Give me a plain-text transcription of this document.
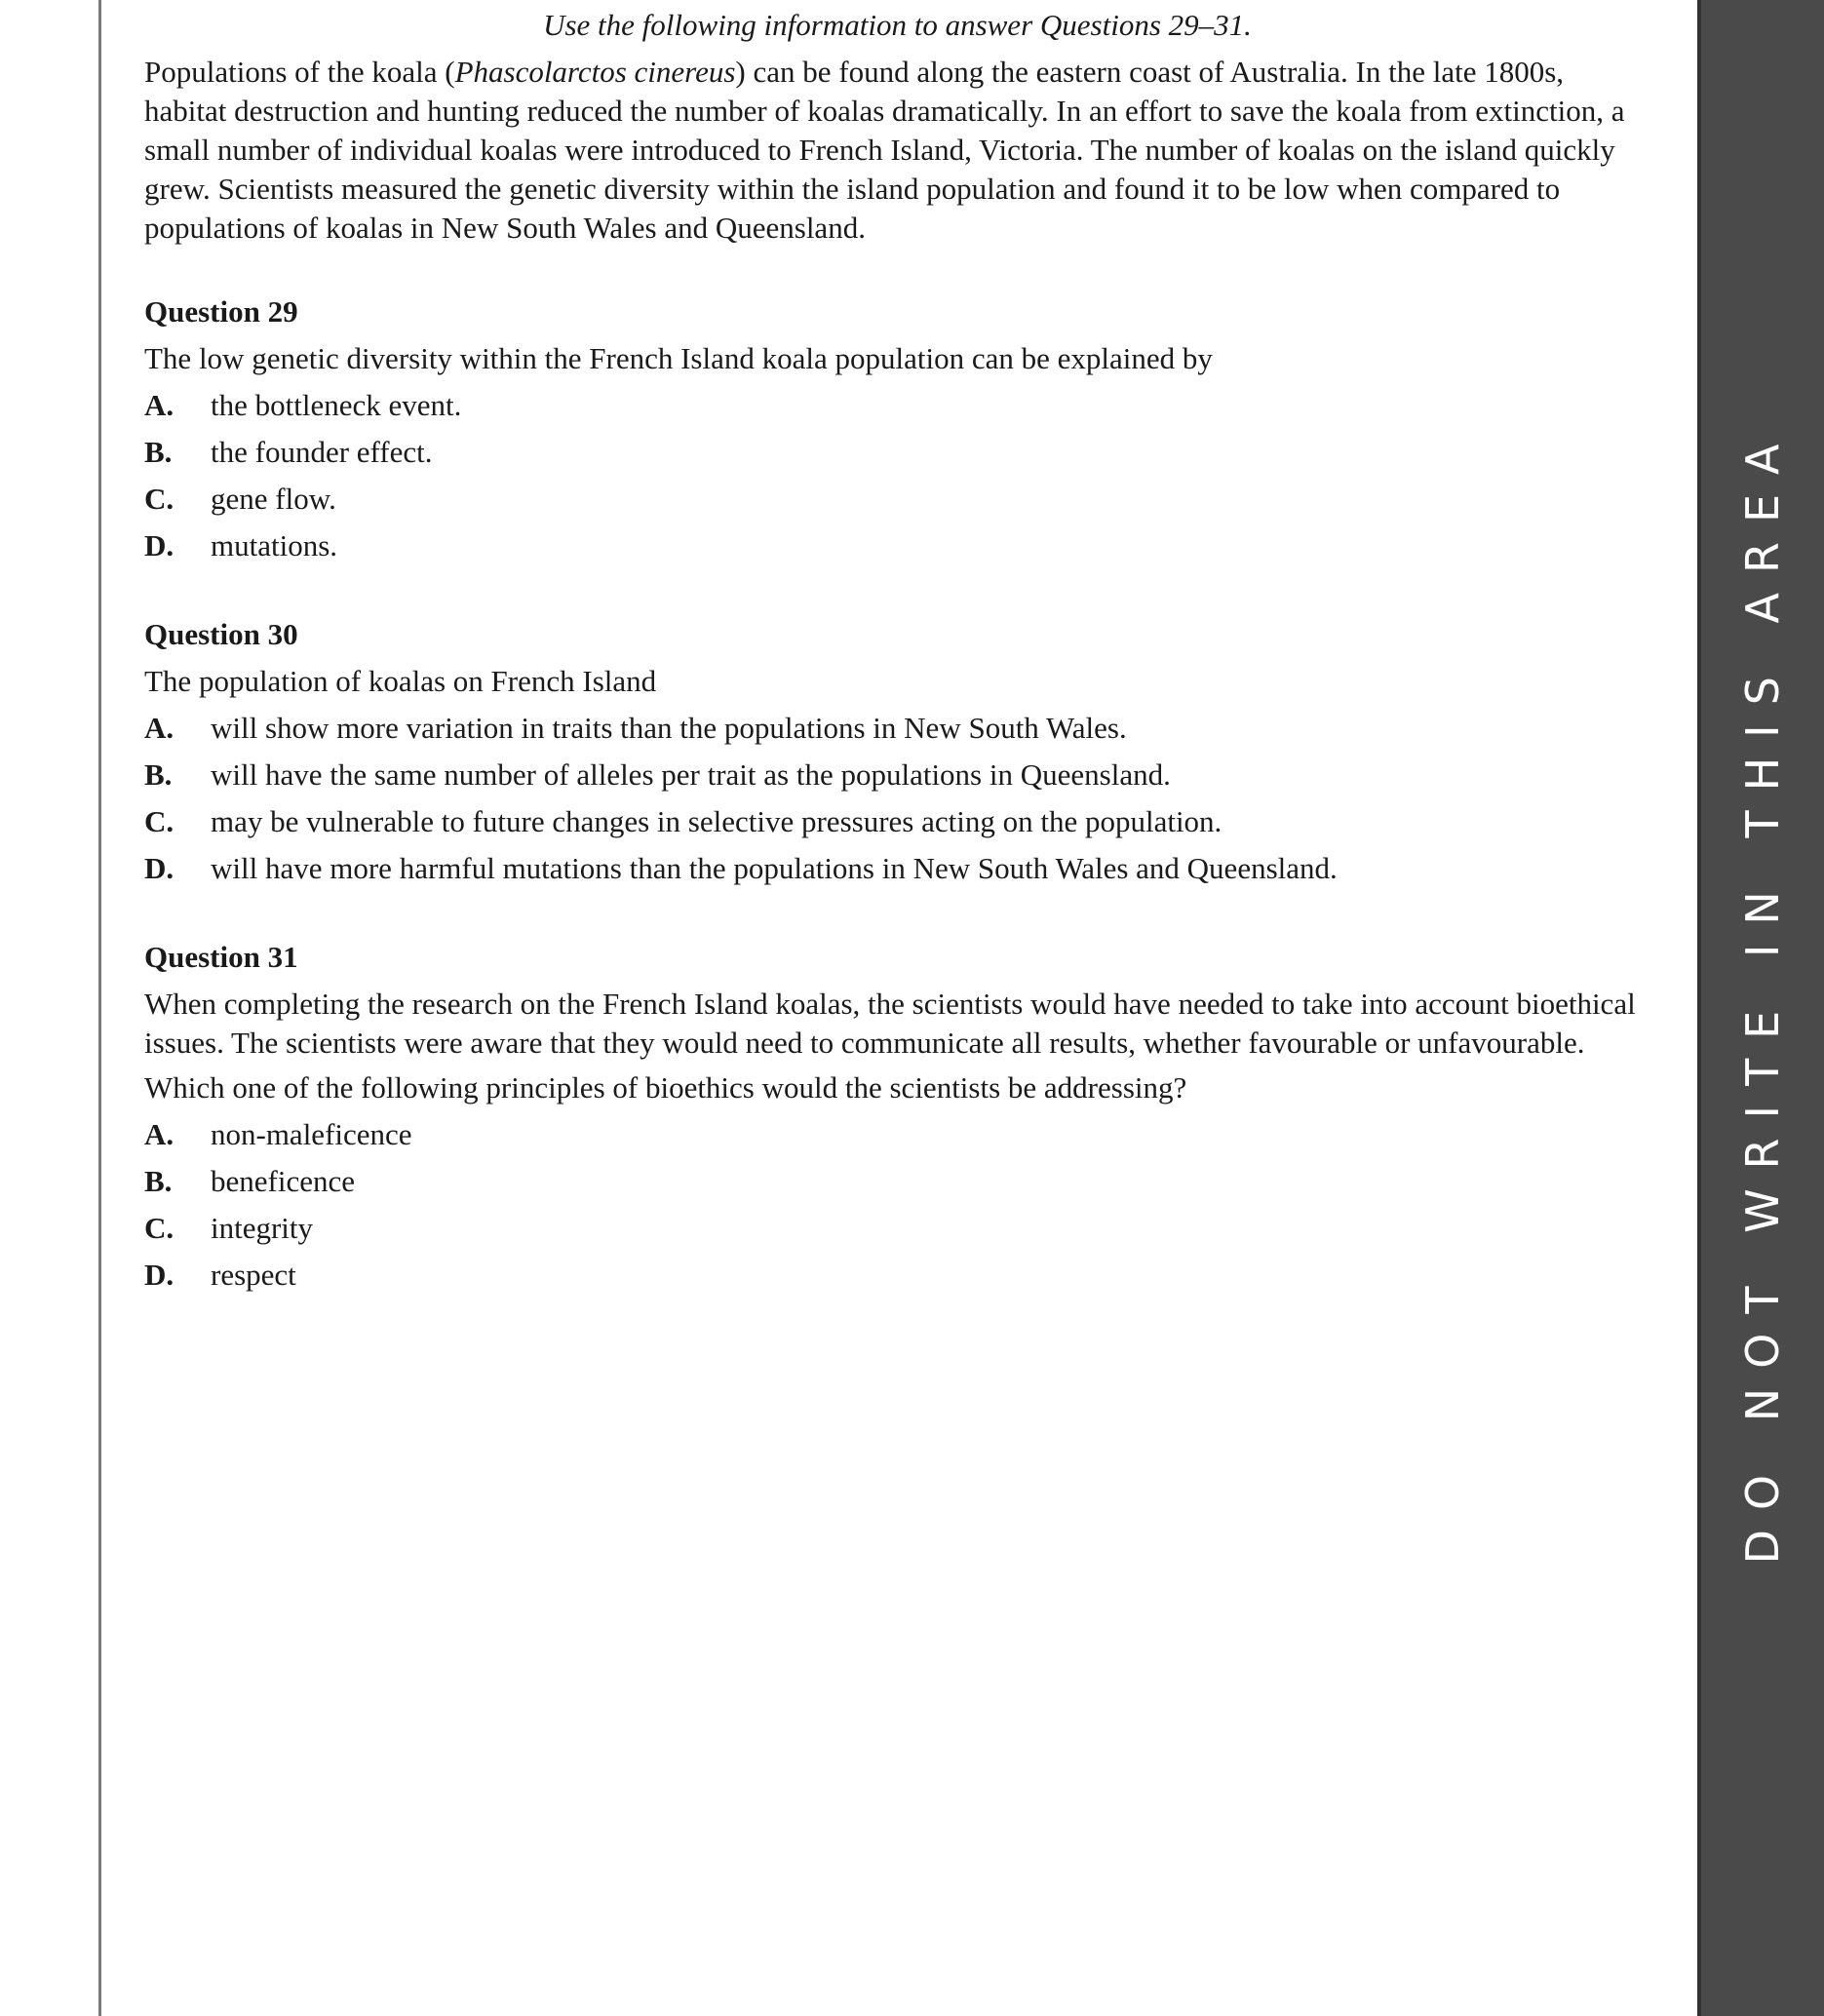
DO NOT WRITE IN THIS AREA
Use the following information to answer Questions 29–31.

Populations of the koala (Phascolarctos cinereus) can be found along the eastern coast of Australia. In the late 1800s, habitat destruction and hunting reduced the number of koalas dramatically. In an effort to save the koala from extinction, a small number of individual koalas were introduced to French Island, Victoria. The number of koalas on the island quickly grew. Scientists measured the genetic diversity within the island population and found it to be low when compared to populations of koalas in New South Wales and Queensland.

Question 29
The low genetic diversity within the French Island koala population can be explained by
A.	the bottleneck event.
B.	the founder effect.
C.	gene flow.
D.	mutations.
Question 30
The population of koalas on French Island
A.	will show more variation in traits than the populations in New South Wales.
B.	will have the same number of alleles per trait as the populations in Queensland.
C.	may be vulnerable to future changes in selective pressures acting on the population.
D.	will have more harmful mutations than the populations in New South Wales and Queensland.
Question 31
When completing the research on the French Island koalas, the scientists would have needed to take into account bioethical issues. The scientists were aware that they would need to communicate all results, whether favourable or unfavourable.
Which one of the following principles of bioethics would the scientists be addressing?
A.	non-maleficence
B.	beneficence
C.	integrity
D.	respect
